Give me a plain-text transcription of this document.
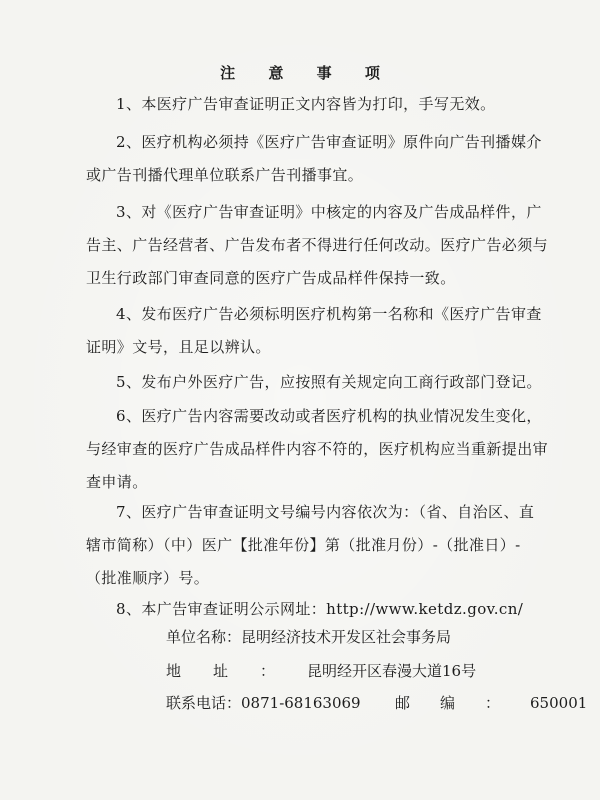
注 意 事 项
1、本医疗广告审查证明正文内容皆为打印，手写无效。
2、医疗机构必须持《医疗广告审查证明》原件向广告刊播媒介
或广告刊播代理单位联系广告刊播事宜。
3、对《医疗广告审查证明》中核定的内容及广告成品样件，广
告主、广告经营者、广告发布者不得进行任何改动。医疗广告必须与
卫生行政部门审查同意的医疗广告成品样件保持一致。
4、发布医疗广告必须标明医疗机构第一名称和《医疗广告审查
证明》文号，且足以辨认。
5、发布户外医疗广告，应按照有关规定向工商行政部门登记。
6、医疗广告内容需要改动或者医疗机构的执业情况发生变化，
与经审查的医疗广告成品样件内容不符的，医疗机构应当重新提出审
查申请。
7、医疗广告审查证明文号编号内容依次为：（省、自治区、直
辖市简称）（中）医广【批准年份】第（批准月份）-（批准日）-
（批准顺序）号。
8、本广告审查证明公示网址：http://www.ketdz.gov.cn/
单位名称：昆明经济技术开发区社会事务局
地址：昆明经开区春漫大道16号
联系电话：0871-68163069 邮编：650001
